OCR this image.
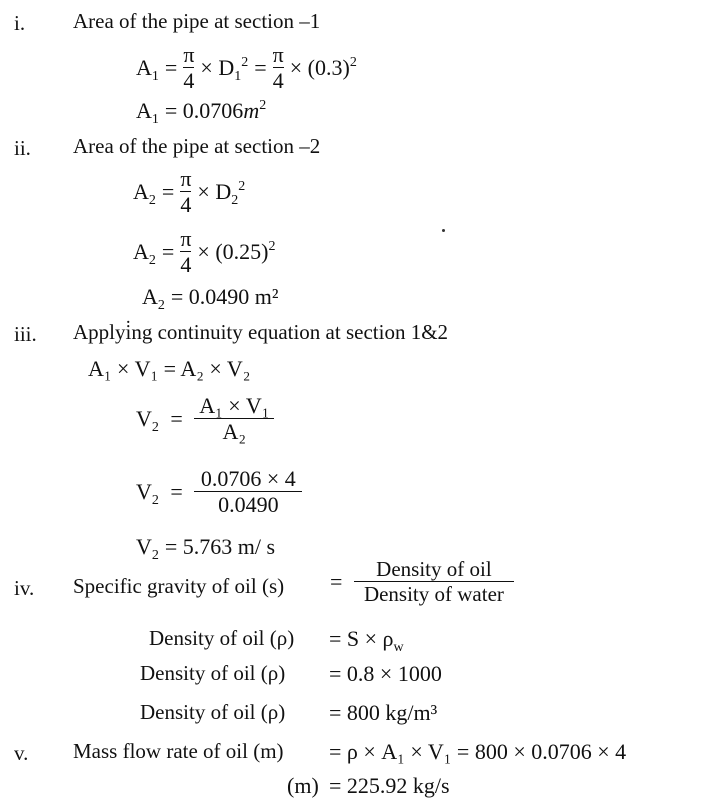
i. Area of the pipe at section –1
$A_1 = \frac{\pi}{4} \times D_1^2 = \frac{\pi}{4} \times (0.3)^2$
$A_1 = 0.0706$ $m^2$
ii. Area of the pipe at section –2
$A_2 = \frac{\pi}{4} \times D_2^2$
$A_2 = \frac{\pi}{4} \times (0.25)^2$
$A_2 = 0.0490$ m²
iii. Applyi̇ng continuity equation at section 1&2
A₁ × V₁ = A₂ × V₂
$V_2 = \frac{\text{A₁ × V₁}}{\text{A₂}}$
$V_2 = \frac{0.0706 \times 4}{0.0490}$
$V_2 = 5.763$ m/ s
iv. Specific gravity of oil $(s) = \frac{\text{Density of oil}}{\text{Density of water}}$
Density of oil $(\rho) = S \times \rho_w$
Density of oil (ρ) = 0.8 × 1000
Density of oil (ρ) = 800 kg/m³
v. Mass flow rate of oil (m) = ρ × A₁ × V₁ = 800 × 0.0706 × 4
(m) = 225.92 kg/s
